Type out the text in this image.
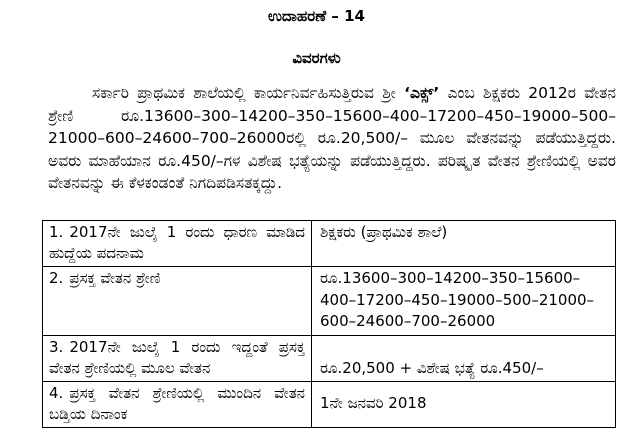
ಉದಾಹರಣೆ – 14
ವಿವರಗಳು
ಸರ್ಕಾರಿ ಪ್ರಾಥಮಿಕ ಶಾಲೆಯಲ್ಲಿ ಕಾರ್ಯನಿರ್ವಹಿಸುತ್ತಿರುವ ಶ್ರೀ ‘ಎಕ್ಸ್’ ಎಂಬ ಶಿಕ್ಷಕರು 2012ರ ವೇತನ ಶ್ರೇಣಿ ರೂ.13600–300–14200–350–15600–400–17200–450–19000–500–21000–600–24600–700–26000ರಲ್ಲಿ ರೂ.20,500/– ಮೂಲ ವೇತನವನ್ನು ಪಡೆಯುತ್ತಿದ್ದರು. ಅವರು ಮಾಹೆಯಾನ ರೂ.450/–ಗಳ ವಿಶೇಷ ಭತ್ಯೆಯನ್ನು ಪಡೆಯುತ್ತಿದ್ದರು. ಪರಿಷ್ಕೃತ ವೇತನ ಶ್ರೇಣಿಯಲ್ಲಿ ಅವರ ವೇತನವನ್ನು ಈ ಕೆಳಕಂಡಂತೆ ನಿಗದಿಪಡಿಸತಕ್ಕದ್ದು.
1. 2017ನೇ ಜುಲೈ 1 ರಂದು ಧಾರಣ ಮಾಡಿದ ಹುದ್ದೆಯ ಪದನಾಮ	ಶಿಕ್ಷಕರು (ಪ್ರಾಥಮಿಕ ಶಾಲೆ)
2. ಪ್ರಸಕ್ತ ವೇತನ ಶ್ರೇಣಿ	ರೂ.13600–300–14200–350–15600–400–17200–450–19000–500–21000–600–24600–700–26000
3. 2017ನೇ ಜುಲೈ 1 ರಂದು ಇದ್ದಂತೆ ಪ್ರಸಕ್ತ ವೇತನ ಶ್ರೇಣಿಯಲ್ಲಿ ಮೂಲ ವೇತನ	ರೂ.20,500 + ವಿಶೇಷ ಭತ್ಯೆ ರೂ.450/–
4. ಪ್ರಸಕ್ತ ವೇತನ ಶ್ರೇಣಿಯಲ್ಲಿ ಮುಂದಿನ ವೇತನ ಬಡ್ತಿಯ ದಿನಾಂಕ	1ನೇ ಜನವರಿ 2018
